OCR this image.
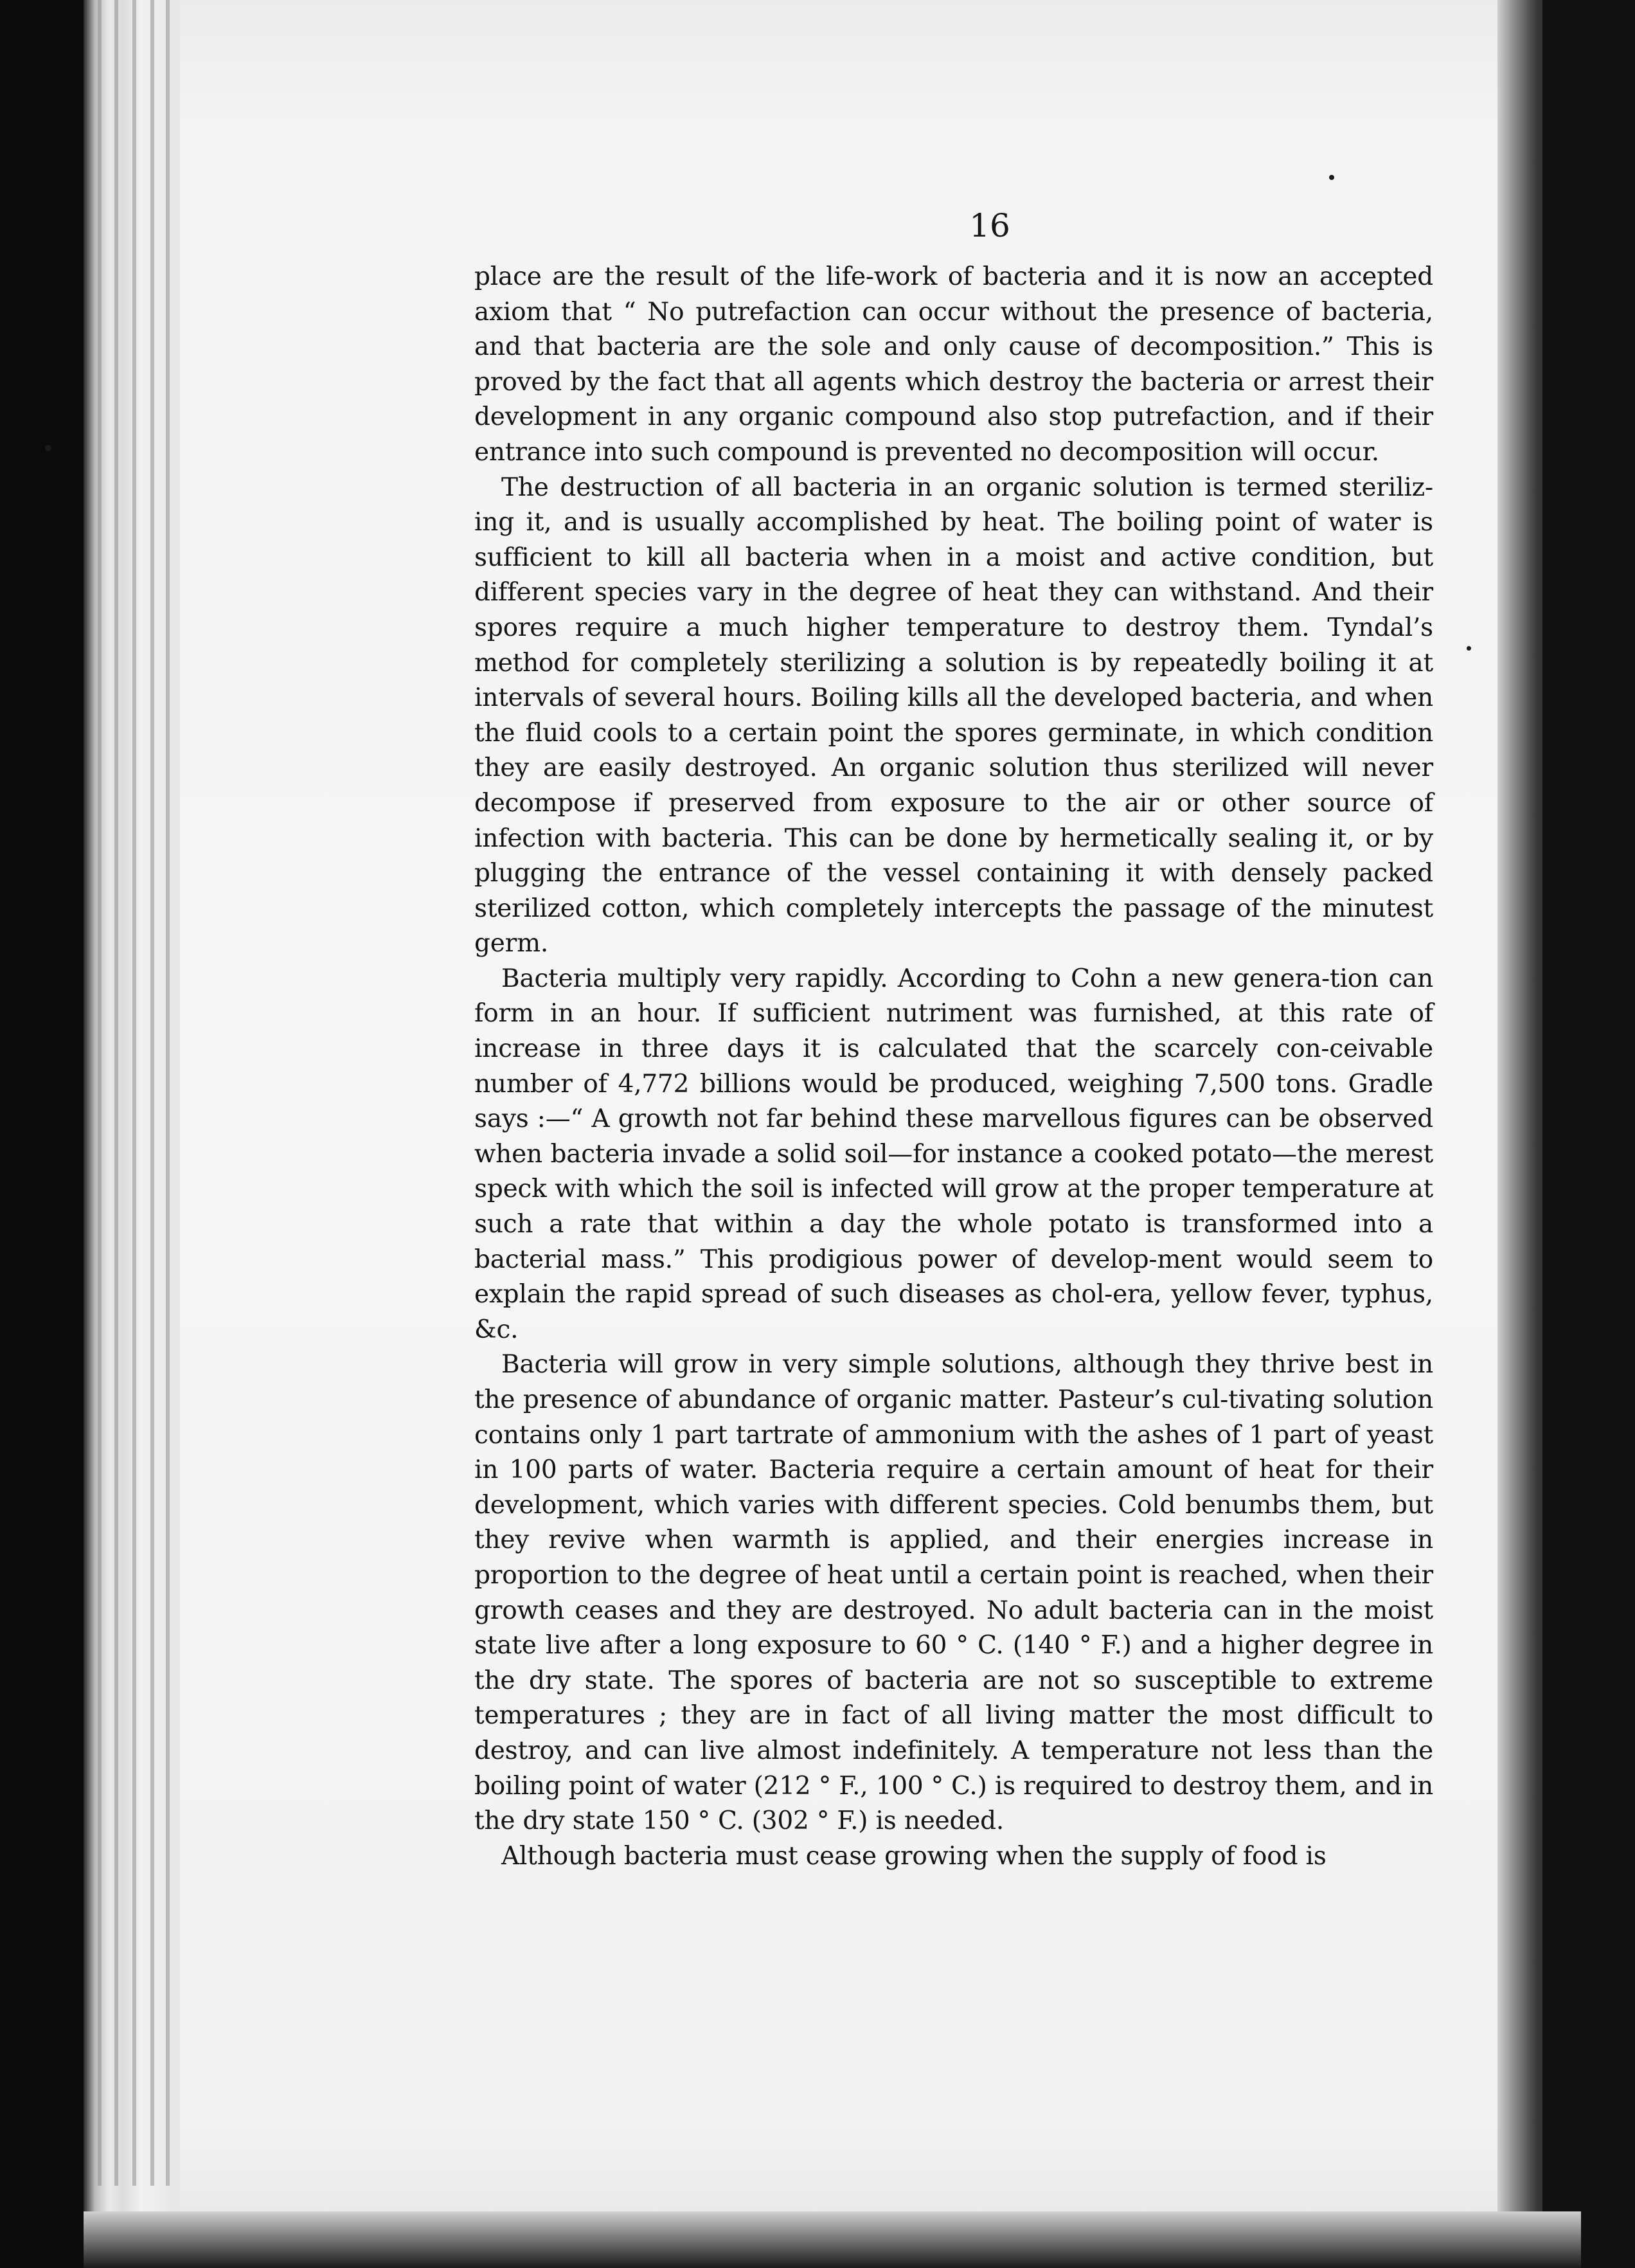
16

place are the result of the life-work of bacteria and it is now an accepted axiom that “ No putrefaction can occur without the presence of bacteria, and that bacteria are the sole and only cause of decomposition.” This is proved by the fact that all agents which destroy the bacteria or arrest their development in any organic compound also stop putrefaction, and if their entrance into such compound is prevented no decomposition will occur.

The destruction of all bacteria in an organic solution is termed steriliz-ing it, and is usually accomplished by heat. The boiling point of water is sufficient to kill all bacteria when in a moist and active condition, but different species vary in the degree of heat they can withstand. And their spores require a much higher temperature to destroy them. Tyndal’s method for completely sterilizing a solution is by repeatedly boiling it at intervals of several hours. Boiling kills all the developed bacteria, and when the fluid cools to a certain point the spores germinate, in which condition they are easily destroyed. An organic solution thus sterilized will never decompose if preserved from exposure to the air or other source of infection with bacteria. This can be done by hermetically sealing it, or by plugging the entrance of the vessel containing it with densely packed sterilized cotton, which completely intercepts the passage of the minutest germ.

Bacteria multiply very rapidly. According to Cohn a new genera-tion can form in an hour. If sufficient nutriment was furnished, at this rate of increase in three days it is calculated that the scarcely con-ceivable number of 4,772 billions would be produced, weighing 7,500 tons. Gradle says :—“ A growth not far behind these marvellous figures can be observed when bacteria invade a solid soil—for instance a cooked potato—the merest speck with which the soil is infected will grow at the proper temperature at such a rate that within a day the whole potato is transformed into a bacterial mass.” This prodigious power of develop-ment would seem to explain the rapid spread of such diseases as chol-era, yellow fever, typhus, &c.

Bacteria will grow in very simple solutions, although they thrive best in the presence of abundance of organic matter. Pasteur’s cul-tivating solution contains only 1 part tartrate of ammonium with the ashes of 1 part of yeast in 100 parts of water. Bacteria require a certain amount of heat for their development, which varies with different species. Cold benumbs them, but they revive when warmth is applied, and their energies increase in proportion to the degree of heat until a certain point is reached, when their growth ceases and they are destroyed. No adult bacteria can in the moist state live after a long exposure to 60 ° C. (140 ° F.) and a higher degree in the dry state. The spores of bacteria are not so susceptible to extreme temperatures ; they are in fact of all living matter the most difficult to destroy, and can live almost indefinitely. A temperature not less than the boiling point of water (212 ° F., 100 ° C.) is required to destroy them, and in the dry state 150 ° C. (302 ° F.) is needed.

Although bacteria must cease growing when the supply of food is
